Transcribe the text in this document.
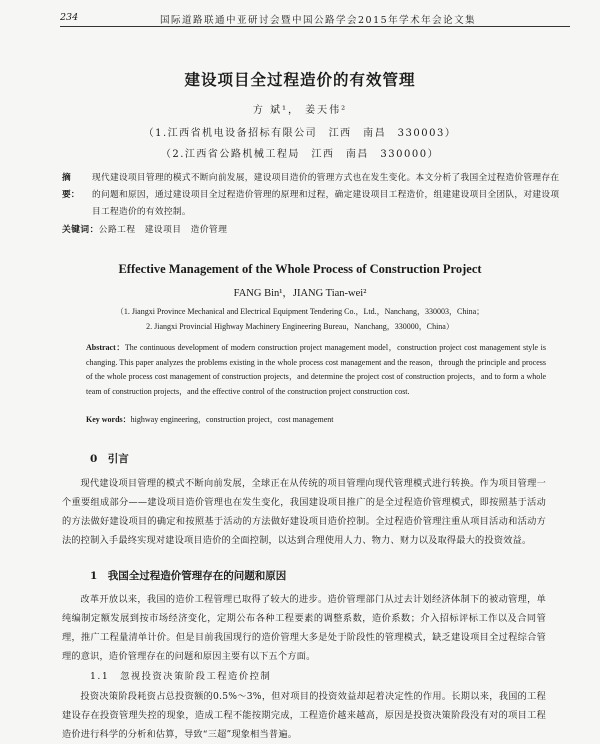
234	国际道路联通中亚研讨会暨中国公路学会2015年学术年会论文集
建设项目全过程造价的有效管理
方 斌¹， 姜天伟²
（1.江西省机电设备招标有限公司　江西　南昌　330003）
（2.江西省公路机械工程局　江西　南昌　330000）
摘　要：
现代建设项目管理的模式不断向前发展，建设项目造价的管理方式也在发生变化。本文分析了我国全过程造价管理存在的问题和原因，通过建设项目全过程造价管理的原理和过程，确定建设项目工程造价，组建建设项目全团队，对建设项目工程造价的有效控制。
关键词：公路工程　建设项目　造价管理
Effective Management of the Whole Process of Construction Project
FANG Bin¹，JIANG Tian-wei²
（1. Jiangxi Province Mechanical and Electrical Equipment Tendering Co.，Ltd.，Nanchang，330003，China；
2. Jiangxi Provincial Highway Machinery Engineering Bureau，Nanchang，330000，China）
Abstract：The continuous development of modern construction project management model，construction project cost management style is changing. This paper analyzes the problems existing in the whole process cost management and the reason，through the principle and process of the whole process cost management of construction projects，and determine the project cost of construction projects，and to form a whole team of construction projects，and the effective control of the construction project construction cost.
Key words：highway engineering，construction project，cost management
0　引言
现代建设项目管理的模式不断向前发展，全球正在从传统的项目管理向现代管理模式进行转换。作为项目管理一个重要组成部分——建设项目造价管理也在发生变化，我国建设项目推广的是全过程造价管理模式，即按照基于活动的方法做好建设项目的确定和按照基于活动的方法做好建设项目造价控制。全过程造价管理注重从项目活动和活动方法的控制入手最终实现对建设项目造价的全面控制，以达到合理使用人力、物力、财力以及取得最大的投资效益。
1　我国全过程造价管理存在的问题和原因
改革开放以来，我国的造价工程管理已取得了较大的进步。造价管理部门从过去计划经济体制下的被动管理，单纯编制定额发展到按市场经济变化，定期公布各种工程要素的调整系数，造价系数；介入招标评标工作以及合同管理，推广工程量清单计价。但是目前我国现行的造价管理大多是处于阶段性的管理模式，缺乏建设项目全过程综合管理的意识，造价管理存在的问题和原因主要有以下五个方面。
1.1　忽视投资决策阶段工程造价控制
投资决策阶段耗资占总投资额的0.5%～3%，但对项目的投资效益却起着决定性的作用。长期以来，我国的工程建设存在投资管理失控的现象，造成工程不能按期完成，工程造价越来越高，原因是投资决策阶段没有对的项目工程造价进行科学的分析和估算，导致“三超”现象相当普遍。
